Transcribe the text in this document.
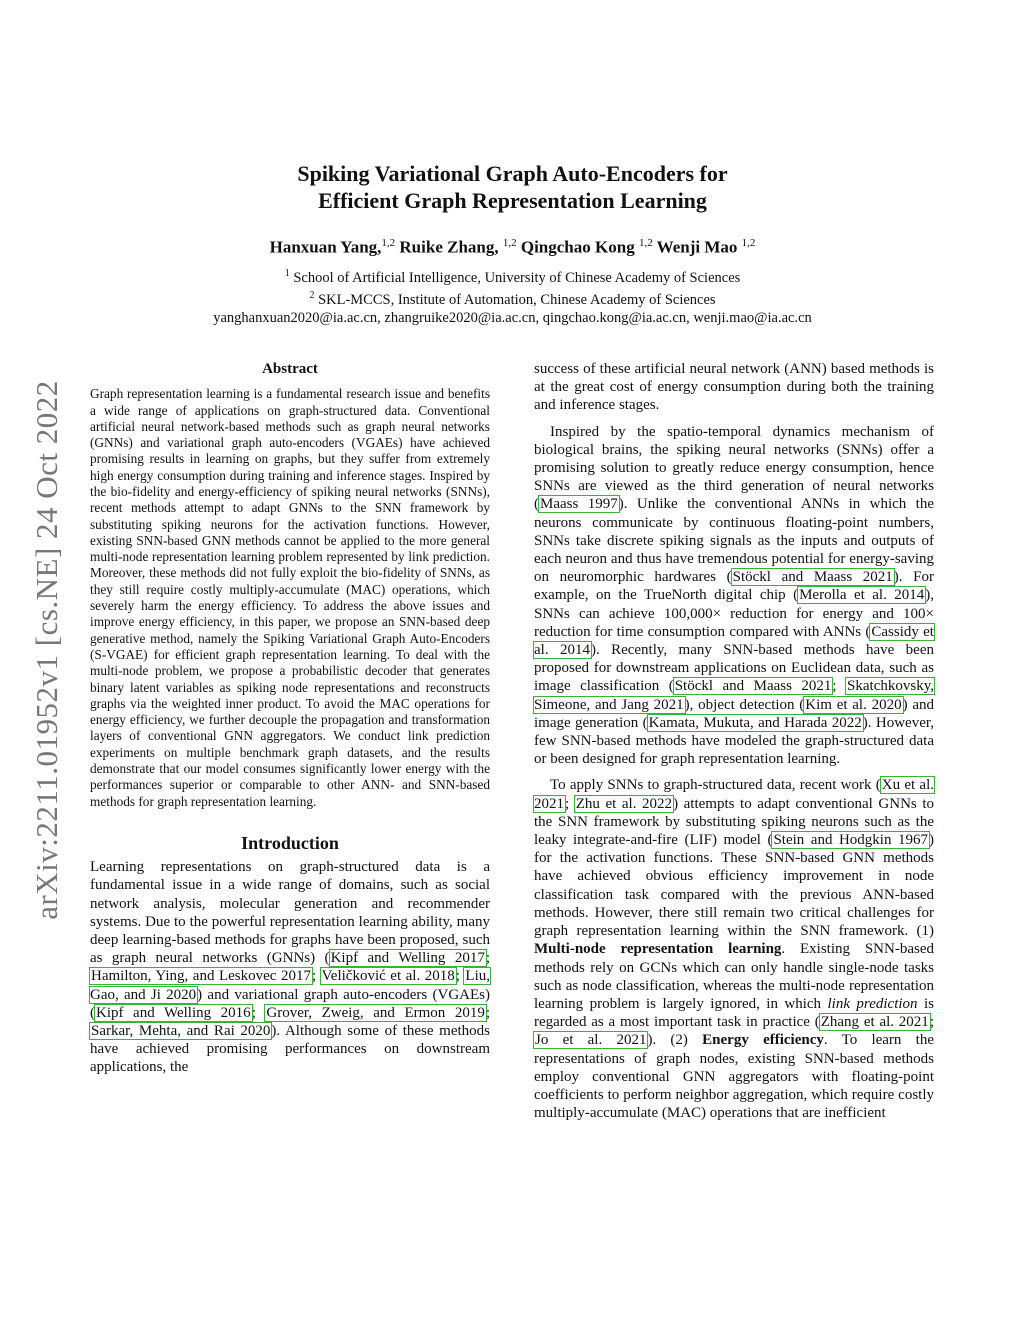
arXiv:2211.01952v1 [cs.NE] 24 Oct 2022
Spiking Variational Graph Auto-Encoders for
Efficient Graph Representation Learning
Hanxuan Yang,$^{1,2}$ Ruike Zhang, $^{1,2}$ Qingchao Kong $^{1,2}$ Wenji Mao $^{1,2}$
$^1$ School of Artificial Intelligence, University of Chinese Academy of Sciences
$^2$ SKL-MCCS, Institute of Automation, Chinese Academy of Sciences
yanghanxuan2020@ia.ac.cn, zhangruike2020@ia.ac.cn, qingchao.kong@ia.ac.cn, wenji.mao@ia.ac.cn
Abstract

Graph representation learning is a fundamental research issue and benefits a wide range of applications on graph-structured data. Conventional artificial neural network-based methods such as graph neural networks (GNNs) and variational graph auto-encoders (VGAEs) have achieved promising results in learning on graphs, but they suffer from extremely high energy consumption during training and inference stages. Inspired by the bio-fidelity and energy-efficiency of spiking neural networks (SNNs), recent methods attempt to adapt GNNs to the SNN framework by substituting spiking neurons for the activation functions. However, existing SNN-based GNN methods cannot be applied to the more general multi-node representation learning problem represented by link prediction. Moreover, these methods did not fully exploit the bio-fidelity of SNNs, as they still require costly multiply-accumulate (MAC) operations, which severely harm the energy efficiency. To address the above issues and improve energy efficiency, in this paper, we propose an SNN-based deep generative method, namely the Spiking Variational Graph Auto-Encoders (S-VGAE) for efficient graph representation learning. To deal with the multi-node problem, we propose a probabilistic decoder that generates binary latent variables as spiking node representations and reconstructs graphs via the weighted inner product. To avoid the MAC operations for energy efficiency, we further decouple the propagation and transformation layers of conventional GNN aggregators. We conduct link prediction experiments on multiple benchmark graph datasets, and the results demonstrate that our model consumes significantly lower energy with the performances superior or comparable to other ANN- and SNN-based methods for graph representation learning.

Introduction

Learning representations on graph-structured data is a fundamental issue in a wide range of domains, such as social network analysis, molecular generation and recommender systems. Due to the powerful representation learning ability, many deep learning-based methods for graphs have been proposed, such as graph neural networks (GNNs) (Kipf and Welling 2017; Hamilton, Ying, and Leskovec 2017; Veličković et al. 2018; Liu, Gao, and Ji 2020) and variational graph auto-encoders (VGAEs) (Kipf and Welling 2016; Grover, Zweig, and Ermon 2019; Sarkar, Mehta, and Rai 2020). Although some of these methods have achieved promising performances on downstream applications, the

success of these artificial neural network (ANN) based methods is at the great cost of energy consumption during both the training and inference stages.

Inspired by the spatio-temporal dynamics mechanism of biological brains, the spiking neural networks (SNNs) offer a promising solution to greatly reduce energy consumption, hence SNNs are viewed as the third generation of neural networks (Maass 1997). Unlike the conventional ANNs in which the neurons communicate by continuous floating-point numbers, SNNs take discrete spiking signals as the inputs and outputs of each neuron and thus have tremendous potential for energy-saving on neuromorphic hardwares (Stöckl and Maass 2021). For example, on the TrueNorth digital chip (Merolla et al. 2014), SNNs can achieve 100,000× reduction for energy and 100× reduction for time consumption compared with ANNs (Cassidy et al. 2014). Recently, many SNN-based methods have been proposed for downstream applications on Euclidean data, such as image classification (Stöckl and Maass 2021; Skatchkovsky, Simeone, and Jang 2021), object detection (Kim et al. 2020) and image generation (Kamata, Mukuta, and Harada 2022). However, few SNN-based methods have modeled the graph-structured data or been designed for graph representation learning.

To apply SNNs to graph-structured data, recent work (Xu et al. 2021; Zhu et al. 2022) attempts to adapt conventional GNNs to the SNN framework by substituting spiking neurons such as the leaky integrate-and-fire (LIF) model (Stein and Hodgkin 1967) for the activation functions. These SNN-based GNN methods have achieved obvious efficiency improvement in node classification task compared with the previous ANN-based methods. However, there still remain two critical challenges for graph representation learning within the SNN framework. (1) Multi-node representation learning. Existing SNN-based methods rely on GCNs which can only handle single-node tasks such as node classification, whereas the multi-node representation learning problem is largely ignored, in which link prediction is regarded as a most important task in practice (Zhang et al. 2021; Jo et al. 2021). (2) Energy efficiency. To learn the representations of graph nodes, existing SNN-based methods employ conventional GNN aggregators with floating-point coefficients to perform neighbor aggregation, which require costly multiply-accumulate (MAC) operations that are inefficient
